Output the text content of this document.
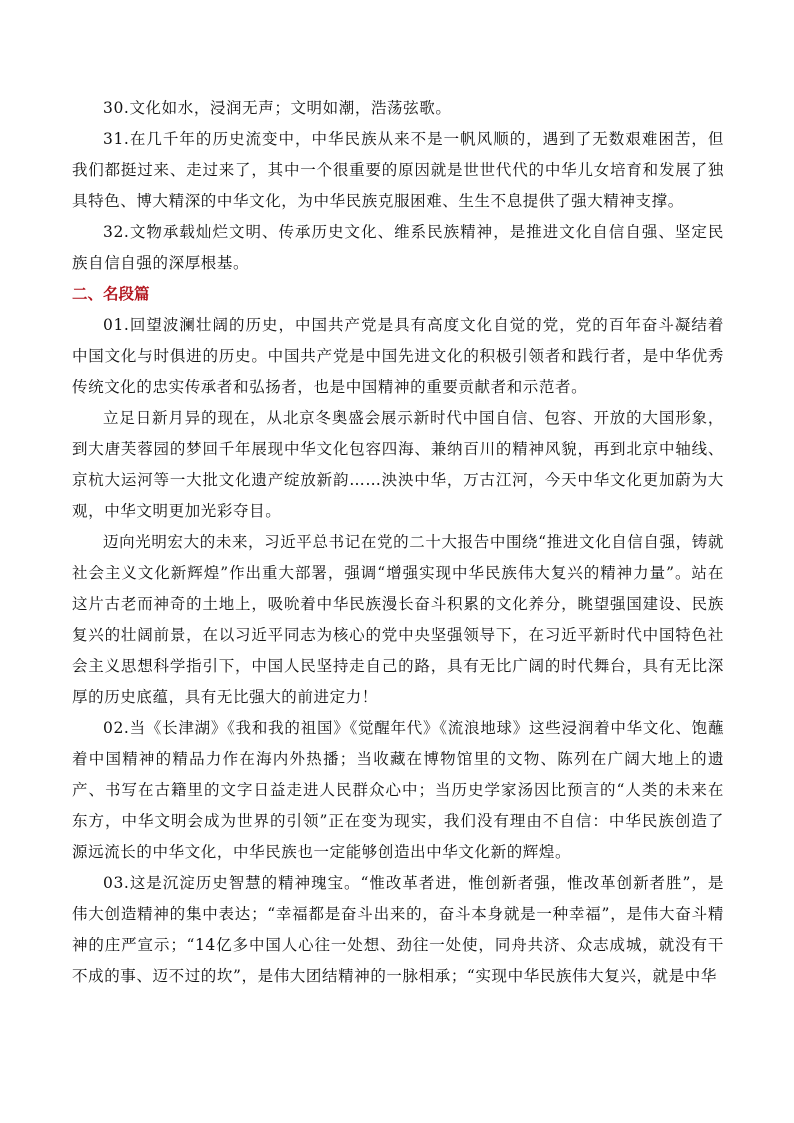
30.文化如水，浸润无声；文明如潮，浩荡弦歌。

31.在几千年的历史流变中，中华民族从来不是一帆风顺的，遇到了无数艰难困苦，但我们都挺过来、走过来了，其中一个很重要的原因就是世世代代的中华儿女培育和发展了独具特色、博大精深的中华文化，为中华民族克服困难、生生不息提供了强大精神支撑。

32.文物承载灿烂文明、传承历史文化、维系民族精神，是推进文化自信自强、坚定民族自信自强的深厚根基。

二、名段篇

01.回望波澜壮阔的历史，中国共产党是具有高度文化自觉的党，党的百年奋斗凝结着中国文化与时俱进的历史。中国共产党是中国先进文化的积极引领者和践行者，是中华优秀传统文化的忠实传承者和弘扬者，也是中国精神的重要贡献者和示范者。

立足日新月异的现在，从北京冬奥盛会展示新时代中国自信、包容、开放的大国形象，到大唐芙蓉园的梦回千年展现中华文化包容四海、兼纳百川的精神风貌，再到北京中轴线、京杭大运河等一大批文化遗产绽放新韵……泱泱中华，万古江河，今天中华文化更加蔚为大观，中华文明更加光彩夺目。

迈向光明宏大的未来，习近平总书记在党的二十大报告中围绕“推进文化自信自强，铸就社会主义文化新辉煌”作出重大部署，强调“增强实现中华民族伟大复兴的精神力量”。站在这片古老而神奇的土地上，吸吮着中华民族漫长奋斗积累的文化养分，眺望强国建设、民族复兴的壮阔前景，在以习近平同志为核心的党中央坚强领导下，在习近平新时代中国特色社会主义思想科学指引下，中国人民坚持走自己的路，具有无比广阔的时代舞台，具有无比深厚的历史底蕴，具有无比强大的前进定力！

02.当《长津湖》《我和我的祖国》《觉醒年代》《流浪地球》这些浸润着中华文化、饱蘸着中国精神的精品力作在海内外热播；当收藏在博物馆里的文物、陈列在广阔大地上的遗产、书写在古籍里的文字日益走进人民群众心中；当历史学家汤因比预言的“人类的未来在东方，中华文明会成为世界的引领”正在变为现实，我们没有理由不自信：中华民族创造了源远流长的中华文化，中华民族也一定能够创造出中华文化新的辉煌。

03.这是沉淀历史智慧的精神瑰宝。“惟改革者进，惟创新者强，惟改革创新者胜”，是伟大创造精神的集中表达；“幸福都是奋斗出来的，奋斗本身就是一种幸福”，是伟大奋斗精神的庄严宣示；“14亿多中国人心往一处想、劲往一处使，同舟共济、众志成城，就没有干不成的事、迈不过的坎”，是伟大团结精神的一脉相承；“实现中华民族伟大复兴，就是中华
